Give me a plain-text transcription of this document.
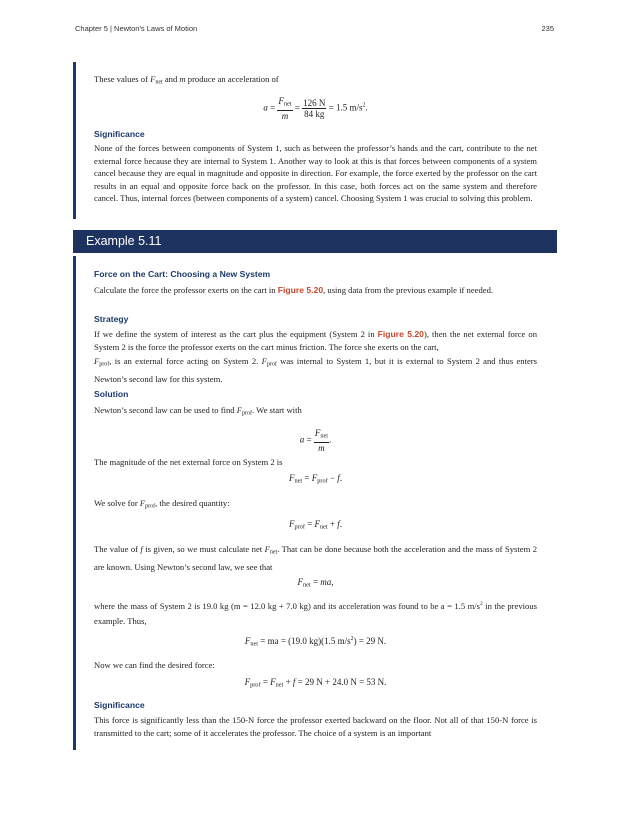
Chapter 5 | Newton's Laws of Motion	235
These values of $F_{net}$ and m produce an acceleration of
$a = \frac{F_{net}}{m} = \frac{126 N}{84 kg} = 1.5$ $m/s^2$.
Significance
None of the forces between components of System 1, such as between the professor’s hands and the cart, contribute to the net external force because they are internal to System 1. Another way to look at this is that forces between components of a system cancel because they are equal in magnitude and opposite in direction. For example, the force exerted by the professor on the cart results in an equal and opposite force back on the professor. In this case, both forces act on the same system and therefore cancel. Thus, internal forces (between components of a system) cancel. Choosing System 1 was crucial to solving this problem.
Example 5.11
Force on the Cart: Choosing a New System
Calculate the force the professor exerts on the cart in Figure 5.20, using data from the previous example if needed.
Strategy
If we define the system of interest as the cart plus the equipment (System 2 in Figure 5.20), then the net external force on System 2 is the force the professor exerts on the cart minus friction. The force she exerts on the cart,
$F_{prof}$, is an external force acting on System 2. $F_{prof}$ was internal to System 1, but it is external to System 2 and thus enters Newton’s second law for this system.
Solution
Newton’s second law can be used to find $F_{prof}$. We start with
$a = \frac{F_{net}}{m}$ .
The magnitude of the net external force on System 2 is
$F_{net} = F_{prof} - f$.
We solve for $F_{prof}$, the desired quantity:
$F_{prof} = F_{net} + f$.
The value of f is given, so we must calculate net $F_{net}$. That can be done because both the acceleration and the mass of System 2 are known. Using Newton’s second law, we see that
$F_{net}$ = ma,
where the mass of System 2 is 19.0 kg (m = 12.0 kg + 7.0 kg) and its acceleration was found to be a = 1.5 $m/s^2$ in the previous example. Thus,
$F_{net}$ = ma = (19.0 kg)(1.5 $m/s^2) = 29$ N.
Now we can find the desired force:
$F_{prof} = F_{net} + f = 29$ N + 24.0 N = 53 N.
Significance
This force is significantly less than the 150-N force the professor exerted backward on the floor. Not all of that 150-N force is transmitted to the cart; some of it accelerates the professor. The choice of a system is an important
